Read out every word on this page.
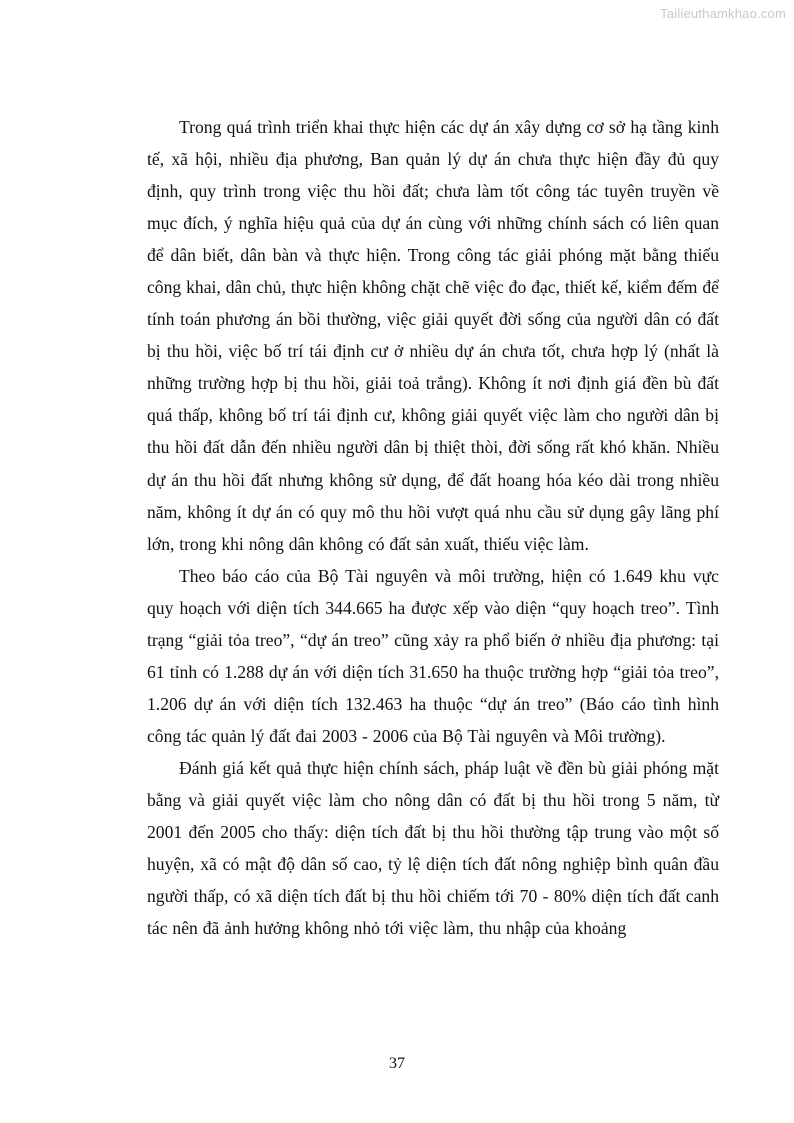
Tailieuthamkhao.com

Trong quá trình triển khai thực hiện các dự án xây dựng cơ sở hạ tầng kinh tế, xã hội, nhiều địa phương, Ban quản lý dự án chưa thực hiện đầy đủ quy định, quy trình trong việc thu hồi đất; chưa làm tốt công tác tuyên truyền về mục đích, ý nghĩa hiệu quả của dự án cùng với những chính sách có liên quan để dân biết, dân bàn và thực hiện. Trong công tác giải phóng mặt bằng thiếu công khai, dân chủ, thực hiện không chặt chẽ việc đo đạc, thiết kế, kiểm đếm để tính toán phương án bồi thường, việc giải quyết đời sống của người dân có đất bị thu hồi, việc bố trí tái định cư ở nhiều dự án chưa tốt, chưa hợp lý (nhất là những trường hợp bị thu hồi, giải toả trắng). Không ít nơi định giá đền bù đất quá thấp, không bố trí tái định cư, không giải quyết việc làm cho người dân bị thu hồi đất dẫn đến nhiều người dân bị thiệt thòi, đời sống rất khó khăn. Nhiều dự án thu hồi đất nhưng không sử dụng, để đất hoang hóa kéo dài trong nhiều năm, không ít dự án có quy mô thu hồi vượt quá nhu cầu sử dụng gây lãng phí lớn, trong khi nông dân không có đất sản xuất, thiếu việc làm.

Theo báo cáo của Bộ Tài nguyên và môi trường, hiện có 1.649 khu vực quy hoạch với diện tích 344.665 ha được xếp vào diện “quy hoạch treo”. Tình trạng “giải tỏa treo”, “dự án treo” cũng xảy ra phổ biến ở nhiều địa phương: tại 61 tỉnh có 1.288 dự án với diện tích 31.650 ha thuộc trường hợp “giải tỏa treo”, 1.206 dự án với diện tích 132.463 ha thuộc “dự án treo” (Báo cáo tình hình công tác quản lý đất đai 2003 - 2006 của Bộ Tài nguyên và Môi trường).

Đánh giá kết quả thực hiện chính sách, pháp luật về đền bù giải phóng mặt bằng và giải quyết việc làm cho nông dân có đất bị thu hồi trong 5 năm, từ 2001 đến 2005 cho thấy: diện tích đất bị thu hồi thường tập trung vào một số huyện, xã có mật độ dân số cao, tỷ lệ diện tích đất nông nghiệp bình quân đầu người thấp, có xã diện tích đất bị thu hồi chiếm tới 70 - 80% diện tích đất canh tác nên đã ảnh hưởng không nhỏ tới việc làm, thu nhập của khoảng

37
